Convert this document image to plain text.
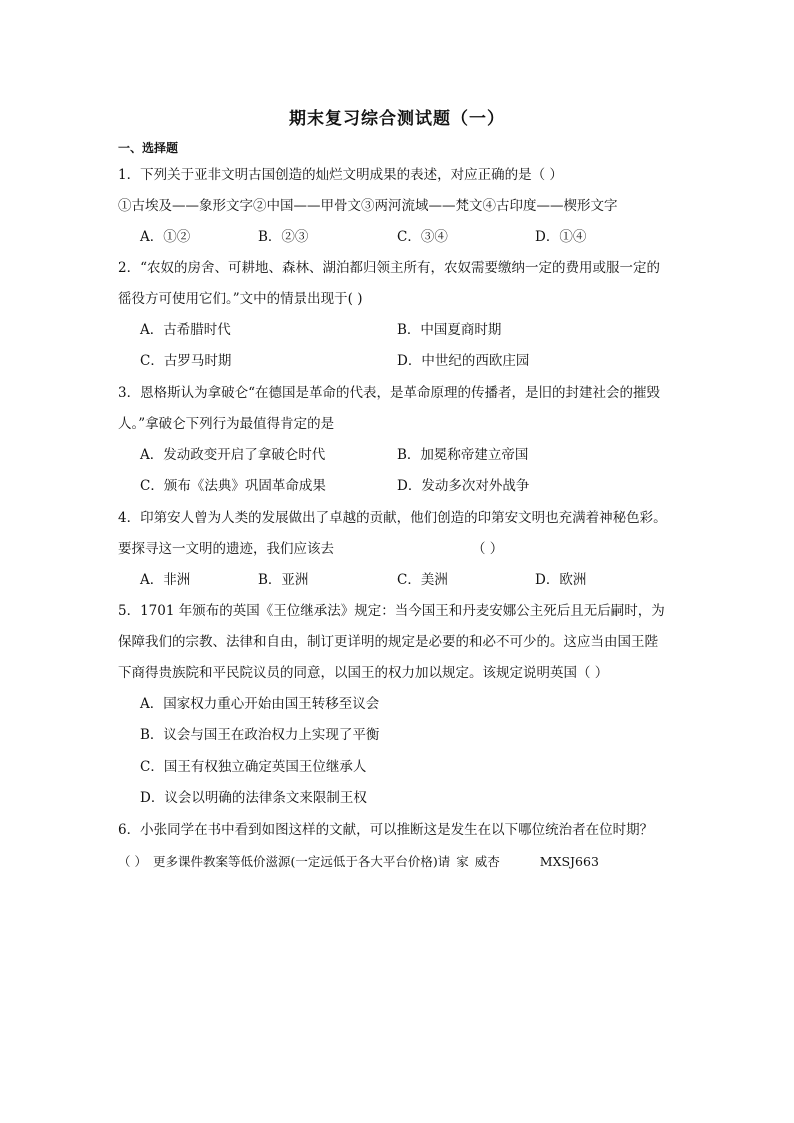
期末复习综合测试题（一）
一、选择题
1．下列关于亚非文明古国创造的灿烂文明成果的表述，对应正确的是（ ）
①古埃及——象形文字②中国——甲骨文③两河流域——梵文④古印度——楔形文字
A．①②	B．②③	C．③④	D．①④
2．“农奴的房舍、可耕地、森林、湖泊都归领主所有，农奴需要缴纳一定的费用或服一定的
徭役方可使用它们。”文中的情景出现于( )
A．古希腊时代	B．中国夏商时期
C．古罗马时期	D．中世纪的西欧庄园
3．恩格斯认为拿破仑“在德国是革命的代表，是革命原理的传播者，是旧的封建社会的摧毁
人。”拿破仑下列行为最值得肯定的是
A．发动政变开启了拿破仑时代	B．加冕称帝建立帝国
C．颁布《法典》巩固革命成果	D．发动多次对外战争
4．印第安人曾为人类的发展做出了卓越的贡献，他们创造的印第安文明也充满着神秘色彩。
要探寻这一文明的遗迹，我们应该去	（ ）
A．非洲	B．亚洲	C．美洲	D．欧洲
5．1701 年颁布的英国《王位继承法》规定：当今国王和丹麦安娜公主死后且无后嗣时，为
保障我们的宗教、法律和自由，制订更详明的规定是必要的和必不可少的。这应当由国王陛
下商得贵族院和平民院议员的同意，以国王的权力加以规定。该规定说明英国（ ）
A．国家权力重心开始由国王转移至议会
B．议会与国王在政治权力上实现了平衡
C．国王有权独立确定英国王位继承人
D．议会以明确的法律条文来限制王权
6．小张同学在书中看到如图这样的文献，可以推断这是发生在以下哪位统治者在位时期？
（ ） 更多课件教案等低价滋源(一定远低于各大平台价格)请 家 威杏	MXSJ663
